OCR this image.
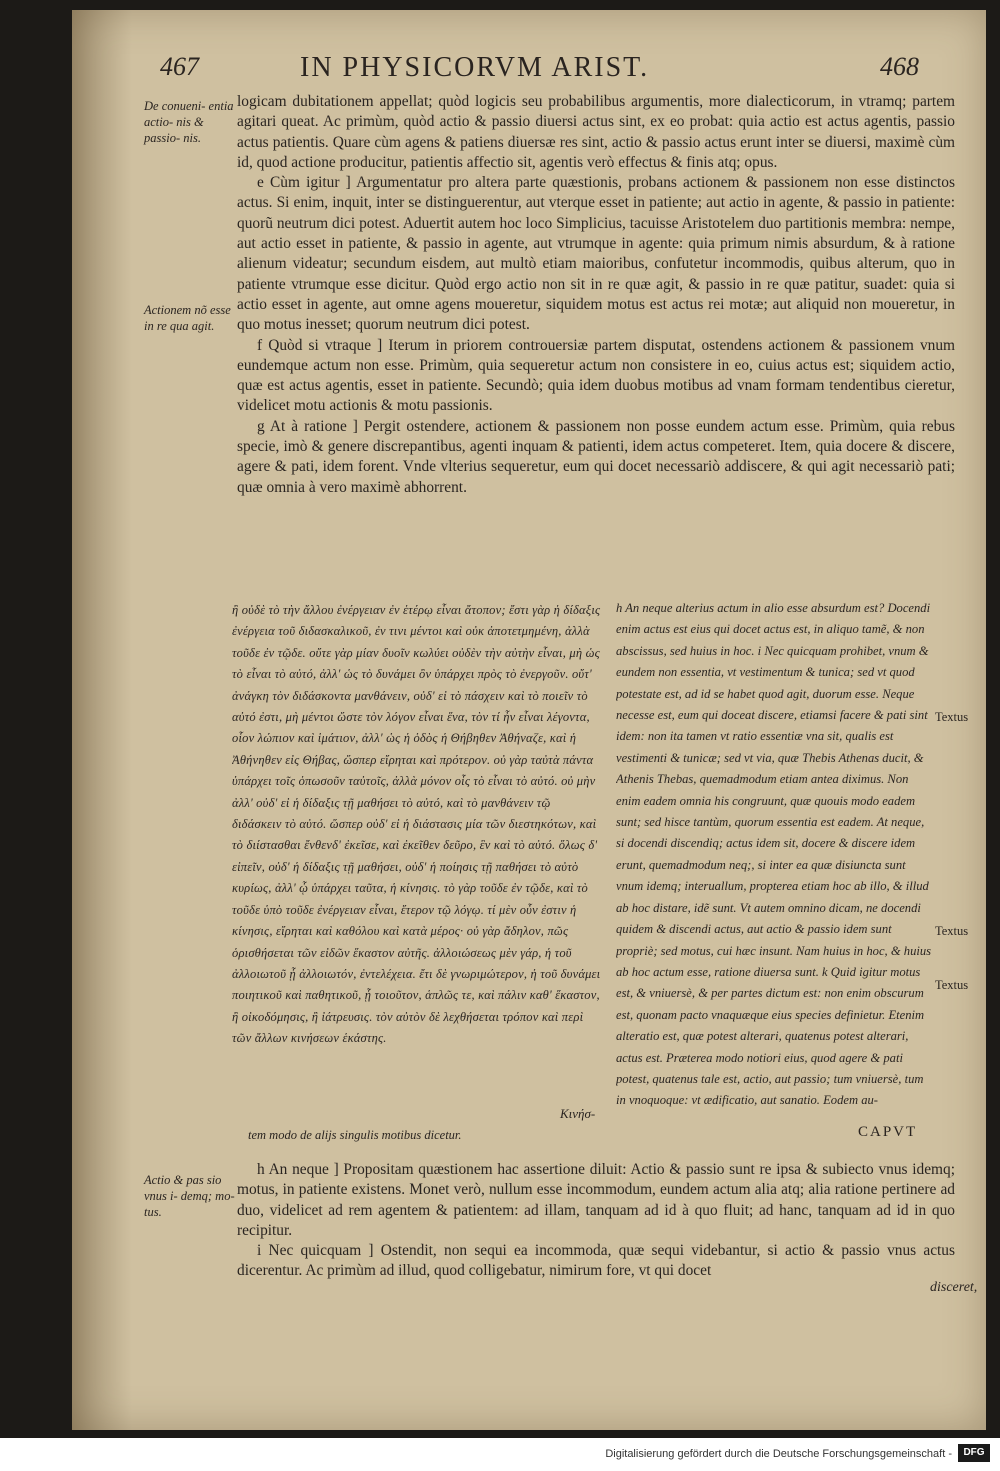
467	IN PHYSICORVM ARIST.	468
De conueni- entia actio- nis & passio- nis.
Actionem nõ esse in re qua agit.
Actio & pas sio vnus i- demq; mo- tus.

logicam dubitationem appellat; quòd logicis seu probabilibus argumentis, more dialecticorum, in vtramq; partem agitari queat. Ac primùm, quòd actio & passio diuersi actus sint, ex eo probat: quia actio est actus agentis, passio actus patientis. Quare cùm agens & patiens diuersæ res sint, actio & passio actus erunt inter se diuersi, maximè cùm id, quod actione producitur, patientis affectio sit, agentis verò effectus & finis atq; opus.

e Cùm igitur ] Argumentatur pro altera parte quæstionis, probans actionem & passionem non esse distinctos actus. Si enim, inquit, inter se distinguerentur, aut vterque esset in patiente; aut actio in agente, & passio in patiente: quorũ neutrum dici potest. Aduertit autem hoc loco Simplicius, tacuisse Aristotelem duo partitionis membra: nempe, aut actio esset in patiente, & passio in agente, aut vtrumque in agente: quia primum nimis absurdum, & à ratione alienum videatur; secundum eisdem, aut multò etiam maioribus, confutetur incommodis, quibus alterum, quo in patiente vtrumque esse dicitur. Quòd ergo actio non sit in re quæ agit, & passio in re quæ patitur, suadet: quia si actio esset in agente, aut omne agens moueretur, siquidem motus est actus rei motæ; aut aliquid non moueretur, in quo motus inesset; quorum neutrum dici potest.

f Quòd si vtraque ] Iterum in priorem controuersiæ partem disputat, ostendens actionem & passionem vnum eundemque actum non esse. Primùm, quia sequeretur actum non consistere in eo, cuius actus est; siquidem actio, quæ est actus agentis, esset in patiente. Secundò; quia idem duobus motibus ad vnam formam tendentibus cieretur, videlicet motu actionis & motu passionis.

g At à ratione ] Pergit ostendere, actionem & passionem non posse eundem actum esse. Primùm, quia rebus specie, imò & genere discrepantibus, agenti inquam & patienti, idem actus competeret. Item, quia docere & discere, agere & pati, idem forent. Vnde vlterius sequeretur, eum qui docet necessariò addiscere, & qui agit necessariò pati; quæ omnia à vero maximè abhorrent.

ἢ οὐδὲ τὸ τὴν ἄλλου ἐνέργειαν ἐν ἑτέρῳ εἶναι ἄτοπον; ἔστι γὰρ ἡ δίδαξις ἐνέργεια τοῦ διδασκαλικοῦ, ἐν τινι μέντοι καὶ οὐκ ἀποτετμημένη, ἀλλὰ τοῦδε ἐν τῷδε. οὔτε γὰρ μίαν δυοῖν κωλύει οὐδὲν τὴν αὐτὴν εἶναι, μὴ ὡς τὸ εἶναι τὸ αὐτό, ἀλλ' ὡς τὸ δυνάμει ὂν ὑπάρχει πρὸς τὸ ἐνεργοῦν. οὔτ' ἀνάγκη τὸν διδάσκοντα μανθάνειν, οὐδ' εἰ τὸ πάσχειν καὶ τὸ ποιεῖν τὸ αὐτό ἐστι, μὴ μέντοι ὥστε τὸν λόγον εἶναι ἕνα, τὸν τί ἦν εἶναι λέγοντα, οἷον λώπιον καὶ ἱμάτιον, ἀλλ' ὡς ἡ ὁδὸς ἡ Θήβηθεν Ἀθήναζε, καὶ ἡ Ἀθήνηθεν εἰς Θήβας, ὥσπερ εἴρηται καὶ πρότερον. οὐ γὰρ ταὐτὰ πάντα ὑπάρχει τοῖς ὁπωσοῦν ταὐτοῖς, ἀλλὰ μόνον οἷς τὸ εἶναι τὸ αὐτό. οὐ μὴν ἀλλ' οὐδ' εἰ ἡ δίδαξις τῇ μαθήσει τὸ αὐτό, καὶ τὸ μανθάνειν τῷ διδάσκειν τὸ αὐτό. ὥσπερ οὐδ' εἰ ἡ διάστασις μία τῶν διεστηκότων, καὶ τὸ διίστασθαι ἔνθενδ' ἐκεῖσε, καὶ ἐκεῖθεν δεῦρο, ἓν καὶ τὸ αὐτό. ὅλως δ' εἰπεῖν, οὐδ' ἡ δίδαξις τῇ μαθήσει, οὐδ' ἡ ποίησις τῇ παθήσει τὸ αὐτὸ κυρίως, ἀλλ' ᾧ ὑπάρχει ταῦτα, ἡ κίνησις. τὸ γὰρ τοῦδε ἐν τῷδε, καὶ τὸ τοῦδε ὑπὸ τοῦδε ἐνέργειαν εἶναι, ἕτερον τῷ λόγῳ. τί μὲν οὖν ἐστιν ἡ κίνησις, εἴρηται καὶ καθόλου καὶ κατὰ μέρος· οὐ γὰρ ἄδηλον, πῶς ὁρισθήσεται τῶν εἰδῶν ἕκαστον αὐτῆς. ἀλλοιώσεως μὲν γάρ, ἡ τοῦ ἀλλοιωτοῦ ᾗ ἀλλοιωτόν, ἐντελέχεια. ἔτι δὲ γνωριμώτερον, ἡ τοῦ δυνάμει ποιητικοῦ καὶ παθητικοῦ, ᾗ τοιοῦτον, ἁπλῶς τε, καὶ πάλιν καθ' ἕκαστον, ἢ οἰκοδόμησις, ἢ ἰάτρευσις. τὸν αὐτὸν δὲ λεχθήσεται τρόπον καὶ περὶ τῶν ἄλλων κινήσεων ἑκάστης.

Κινήσ-
tem modo de alijs singulis motibus dicetur.

h An neque alterius actum in alio esse absurdum est? Docendi enim actus est eius qui docet actus est, in aliquo tamẽ, & non abscissus, sed huius in hoc. i Nec quicquam prohibet, vnum & eundem non essentia, vt vestimentum & tunica; sed vt quod potestate est, ad id se habet quod agit, duorum esse. Neque necesse est, eum qui doceat discere, etiamsi facere & pati sint idem: non ita tamen vt ratio essentiæ vna sit, qualis est vestimenti & tunicæ; sed vt via, quæ Thebis Athenas ducit, & Athenis Thebas, quemadmodum etiam antea diximus. Non enim eadem omnia his congruunt, quæ quouis modo eadem sunt; sed hisce tantùm, quorum essentia est eadem. At neque, si docendi discendiq; actus idem sit, docere & discere idem erunt, quemadmodum neq;, si inter ea quæ disiuncta sunt vnum idemq; interuallum, propterea etiam hoc ab illo, & illud ab hoc distare, idẽ sunt. Vt autem omnino dicam, ne docendi quidem & discendi actus, aut actio & passio idem sunt propriè; sed motus, cui hæc insunt. Nam huius in hoc, & huius ab hoc actum esse, ratione diuersa sunt. k Quid igitur motus est, & vniuersè, & per partes dictum est: non enim obscurum est, quonam pacto vnaquæque eius species definietur. Etenim alteratio est, quæ potest alterari, quatenus potest alterari, actus est. Præterea modo notiori eius, quod agere & pati potest, quatenus tale est, actio, aut passio; tum vniuersè, tum in vnoquoque: vt ædificatio, aut sanatio. Eodem au-

Textus
Textus
Textus
CAPVT

h An neque ] Propositam quæstionem hac assertione diluit: Actio & passio sunt re ipsa & subiecto vnus idemq; motus, in patiente existens. Monet verò, nullum esse incommodum, eundem actum alia atq; alia ratione pertinere ad duo, videlicet ad rem agentem & patientem: ad illam, tanquam ad id à quo fluit; ad hanc, tanquam ad id in quo recipitur.

i Nec quicquam ] Ostendit, non sequi ea incommoda, quæ sequi videbantur, si actio & passio vnus actus dicerentur. Ac primùm ad illud, quod colligebatur, nimirum fore, vt qui docet

disceret,
Digitalisierung gefördert durch die Deutsche Forschungsgemeinschaft -	DFG
